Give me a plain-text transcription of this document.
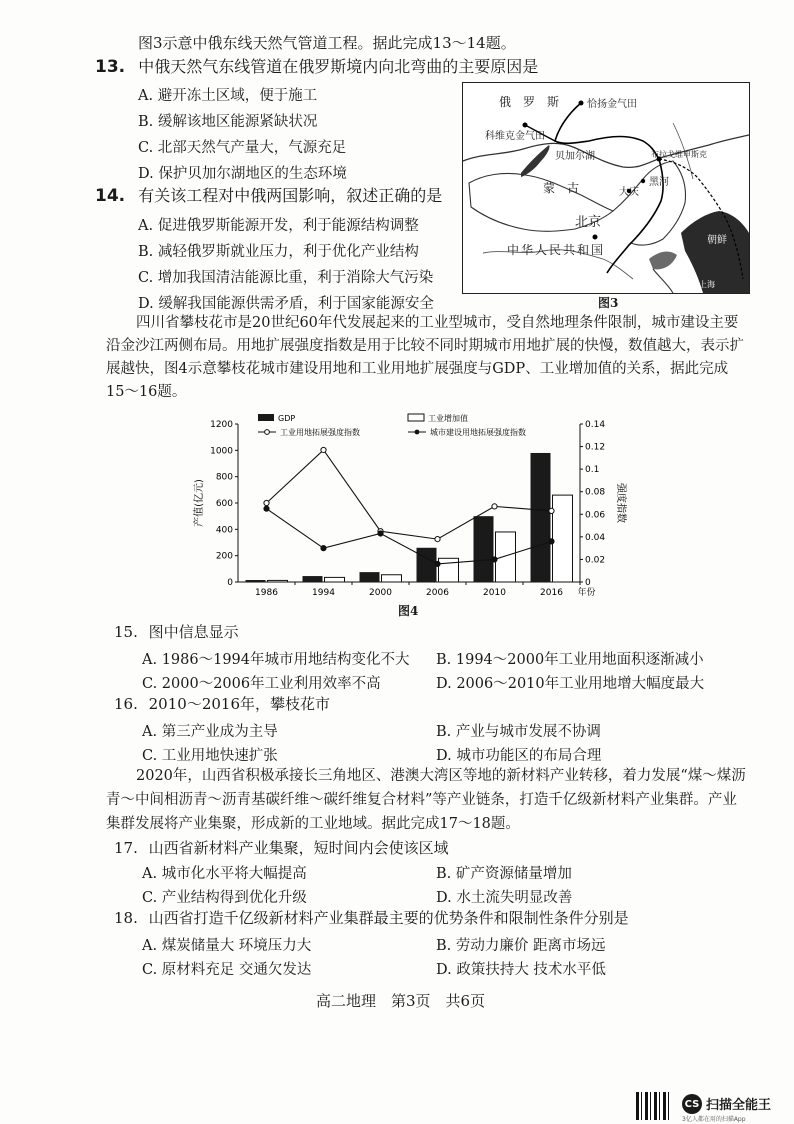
图3示意中俄东线天然气管道工程。据此完成13～14题。
13. 中俄天然气东线管道在俄罗斯境内向北弯曲的主要原因是
A. 避开冻土区域，便于施工
B. 缓解该地区能源紧缺状况
C. 北部天然气产量大，气源充足
D. 保护贝加尔湖地区的生态环境
14. 有关该工程对中俄两国影响，叙述正确的是
A. 促进俄罗斯能源开发，利于能源结构调整
B. 减轻俄罗斯就业压力，利于优化产业结构
C. 增加我国清洁能源比重，利于消除大气污染
D. 缓解我国能源供需矛盾，利于国家能源安全
俄　罗　斯	恰扬金气田
科维克金气田
贝加尔湖	布拉戈维申斯克
黑河
蒙　古	大庆
北京
中华人民共和国
朝鲜
上海
图3
四川省攀枝花市是20世纪60年代发展起来的工业型城市，受自然地理条件限制，城市建设主要沿金沙江两侧布局。用地扩展强度指数是用于比较不同时期城市用地扩展的快慢，数值越大，表示扩展越快，图4示意攀枝花城市建设用地和工业用地扩展强度与GDP、工业增加值的关系，据此完成15～16题。
0
200
400
600
800
1000
1200
0
0.02
0.04
0.06
0.08
0.1
0.12
0.14
产值(亿元)	强度指数
1986	1994	2000	2006	2010	2016 年份
GDP	工业增加值
工业用地拓展强度指数	城市建设用地拓展强度指数
图4
15. 图中信息显示
A. 1986～1994年城市用地结构变化不大 B. 1994～2000年工业用地面积逐渐减小
C. 2000～2006年工业利用效率不高	D. 2006～2010年工业用地增大幅度最大
16. 2010～2016年，攀枝花市
A. 第三产业成为主导	B. 产业与城市发展不协调
C. 工业用地快速扩张	D. 城市功能区的布局合理
2020年，山西省积极承接长三角地区、港澳大湾区等地的新材料产业转移，着力发展“煤～煤沥青～中间相沥青～沥青基碳纤维～碳纤维复合材料”等产业链条，打造千亿级新材料产业集群。产业集群发展将产业集聚，形成新的工业地域。据此完成17～18题。
17. 山西省新材料产业集聚，短时间内会使该区域
A. 城市化水平将大幅提高	B. 矿产资源储量增加
C. 产业结构得到优化升级	D. 水土流失明显改善
18. 山西省打造千亿级新材料产业集群最主要的优势条件和限制性条件分别是
A. 煤炭储量大 环境压力大	B. 劳动力廉价 距离市场远
C. 原材料充足 交通欠发达	D. 政策扶持大 技术水平低
高二地理　第3页　共6页
CS 扫描全能王
3亿人都在用的扫描App
